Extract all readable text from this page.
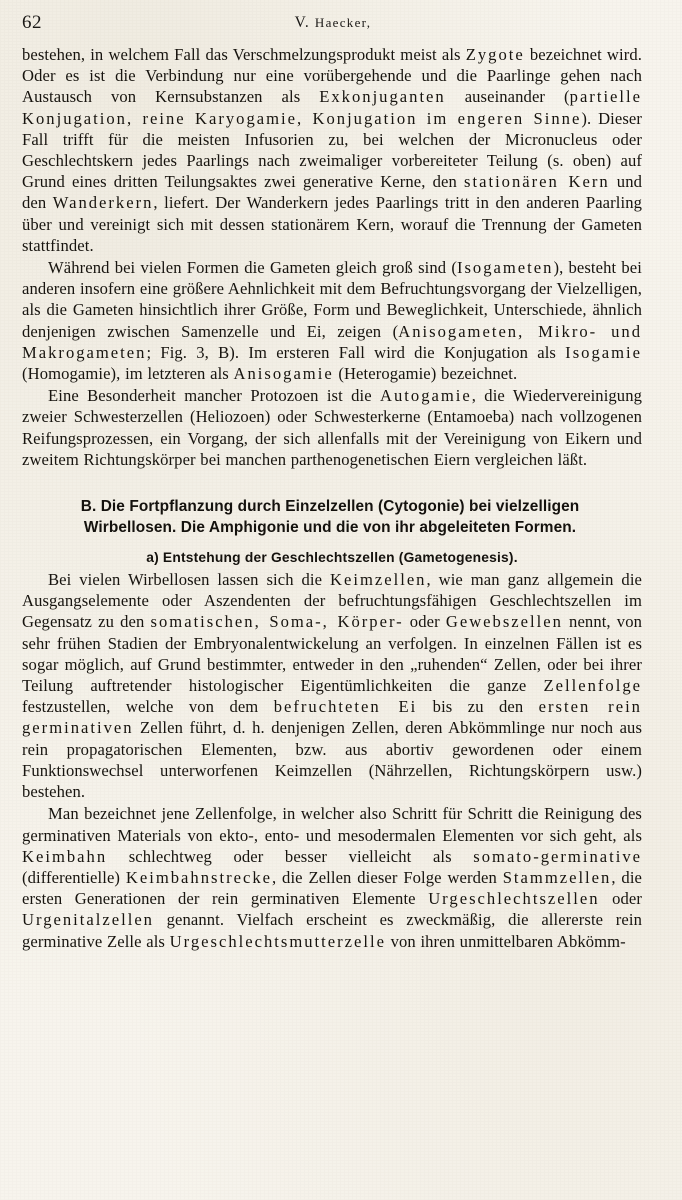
62	V. Haecker,

bestehen, in welchem Fall das Verschmelzungsprodukt meist als Zygote bezeichnet wird. Oder es ist die Verbindung nur eine vorübergehende und die Paarlinge gehen nach Austausch von Kernsubstanzen als Exkonjuganten auseinander (partielle Konjugation, reine Karyogamie, Konjugation im engeren Sinne). Dieser Fall trifft für die meisten Infusorien zu, bei welchen der Micronucleus oder Geschlechtskern jedes Paarlings nach zweimaliger vorbereiteter Teilung (s. oben) auf Grund eines dritten Teilungsaktes zwei generative Kerne, den stationären Kern und den Wanderkern, liefert. Der Wanderkern jedes Paarlings tritt in den anderen Paarling über und vereinigt sich mit dessen stationärem Kern, worauf die Trennung der Gameten stattfindet.

Während bei vielen Formen die Gameten gleich groß sind (Isogameten), besteht bei anderen insofern eine größere Aehnlichkeit mit dem Befruchtungsvorgang der Vielzelligen, als die Gameten hinsichtlich ihrer Größe, Form und Beweglichkeit, Unterschiede, ähnlich denjenigen zwischen Samenzelle und Ei, zeigen (Anisogameten, Mikro- und Makrogameten; Fig. 3, B). Im ersteren Fall wird die Konjugation als Isogamie (Homogamie), im letzteren als Anisogamie (Heterogamie) bezeichnet.

Eine Besonderheit mancher Protozoen ist die Autogamie, die Wiedervereinigung zweier Schwesterzellen (Heliozoen) oder Schwesterkerne (Entamoeba) nach vollzogenen Reifungsprozessen, ein Vorgang, der sich allenfalls mit der Vereinigung von Eikern und zweitem Richtungskörper bei manchen parthenogenetischen Eiern vergleichen läßt.

B. Die Fortpflanzung durch Einzelzellen (Cytogonie) bei vielzelligen
Wirbellosen. Die Amphigonie und die von ihr abgeleiteten Formen.
a) Entstehung der Geschlechtszellen (Gametogenesis).

Bei vielen Wirbellosen lassen sich die Keimzellen, wie man ganz allgemein die Ausgangselemente oder Aszendenten der befruchtungsfähigen Geschlechtszellen im Gegensatz zu den somatischen, Soma-, Körper- oder Gewebszellen nennt, von sehr frühen Stadien der Embryonalentwickelung an verfolgen. In einzelnen Fällen ist es sogar möglich, auf Grund bestimmter, entweder in den „ruhenden“ Zellen, oder bei ihrer Teilung auftretender histologischer Eigentümlichkeiten die ganze Zellenfolge festzustellen, welche von dem befruchteten Ei bis zu den ersten rein germinativen Zellen führt, d. h. denjenigen Zellen, deren Abkömmlinge nur noch aus rein propagatorischen Elementen, bzw. aus abortiv gewordenen oder einem Funktionswechsel unterworfenen Keimzellen (Nährzellen, Richtungskörpern usw.) bestehen.

Man bezeichnet jene Zellenfolge, in welcher also Schritt für Schritt die Reinigung des germinativen Materials von ekto-, ento- und mesodermalen Elementen vor sich geht, als Keimbahn schlechtweg oder besser vielleicht als somato-germinative (differentielle) Keimbahnstrecke, die Zellen dieser Folge werden Stammzellen, die ersten Generationen der rein germinativen Elemente Urgeschlechtszellen oder Urgenitalzellen genannt. Vielfach erscheint es zweckmäßig, die allererste rein germinative Zelle als Urgeschlechtsmutterzelle von ihren unmittelbaren Abkömm-
